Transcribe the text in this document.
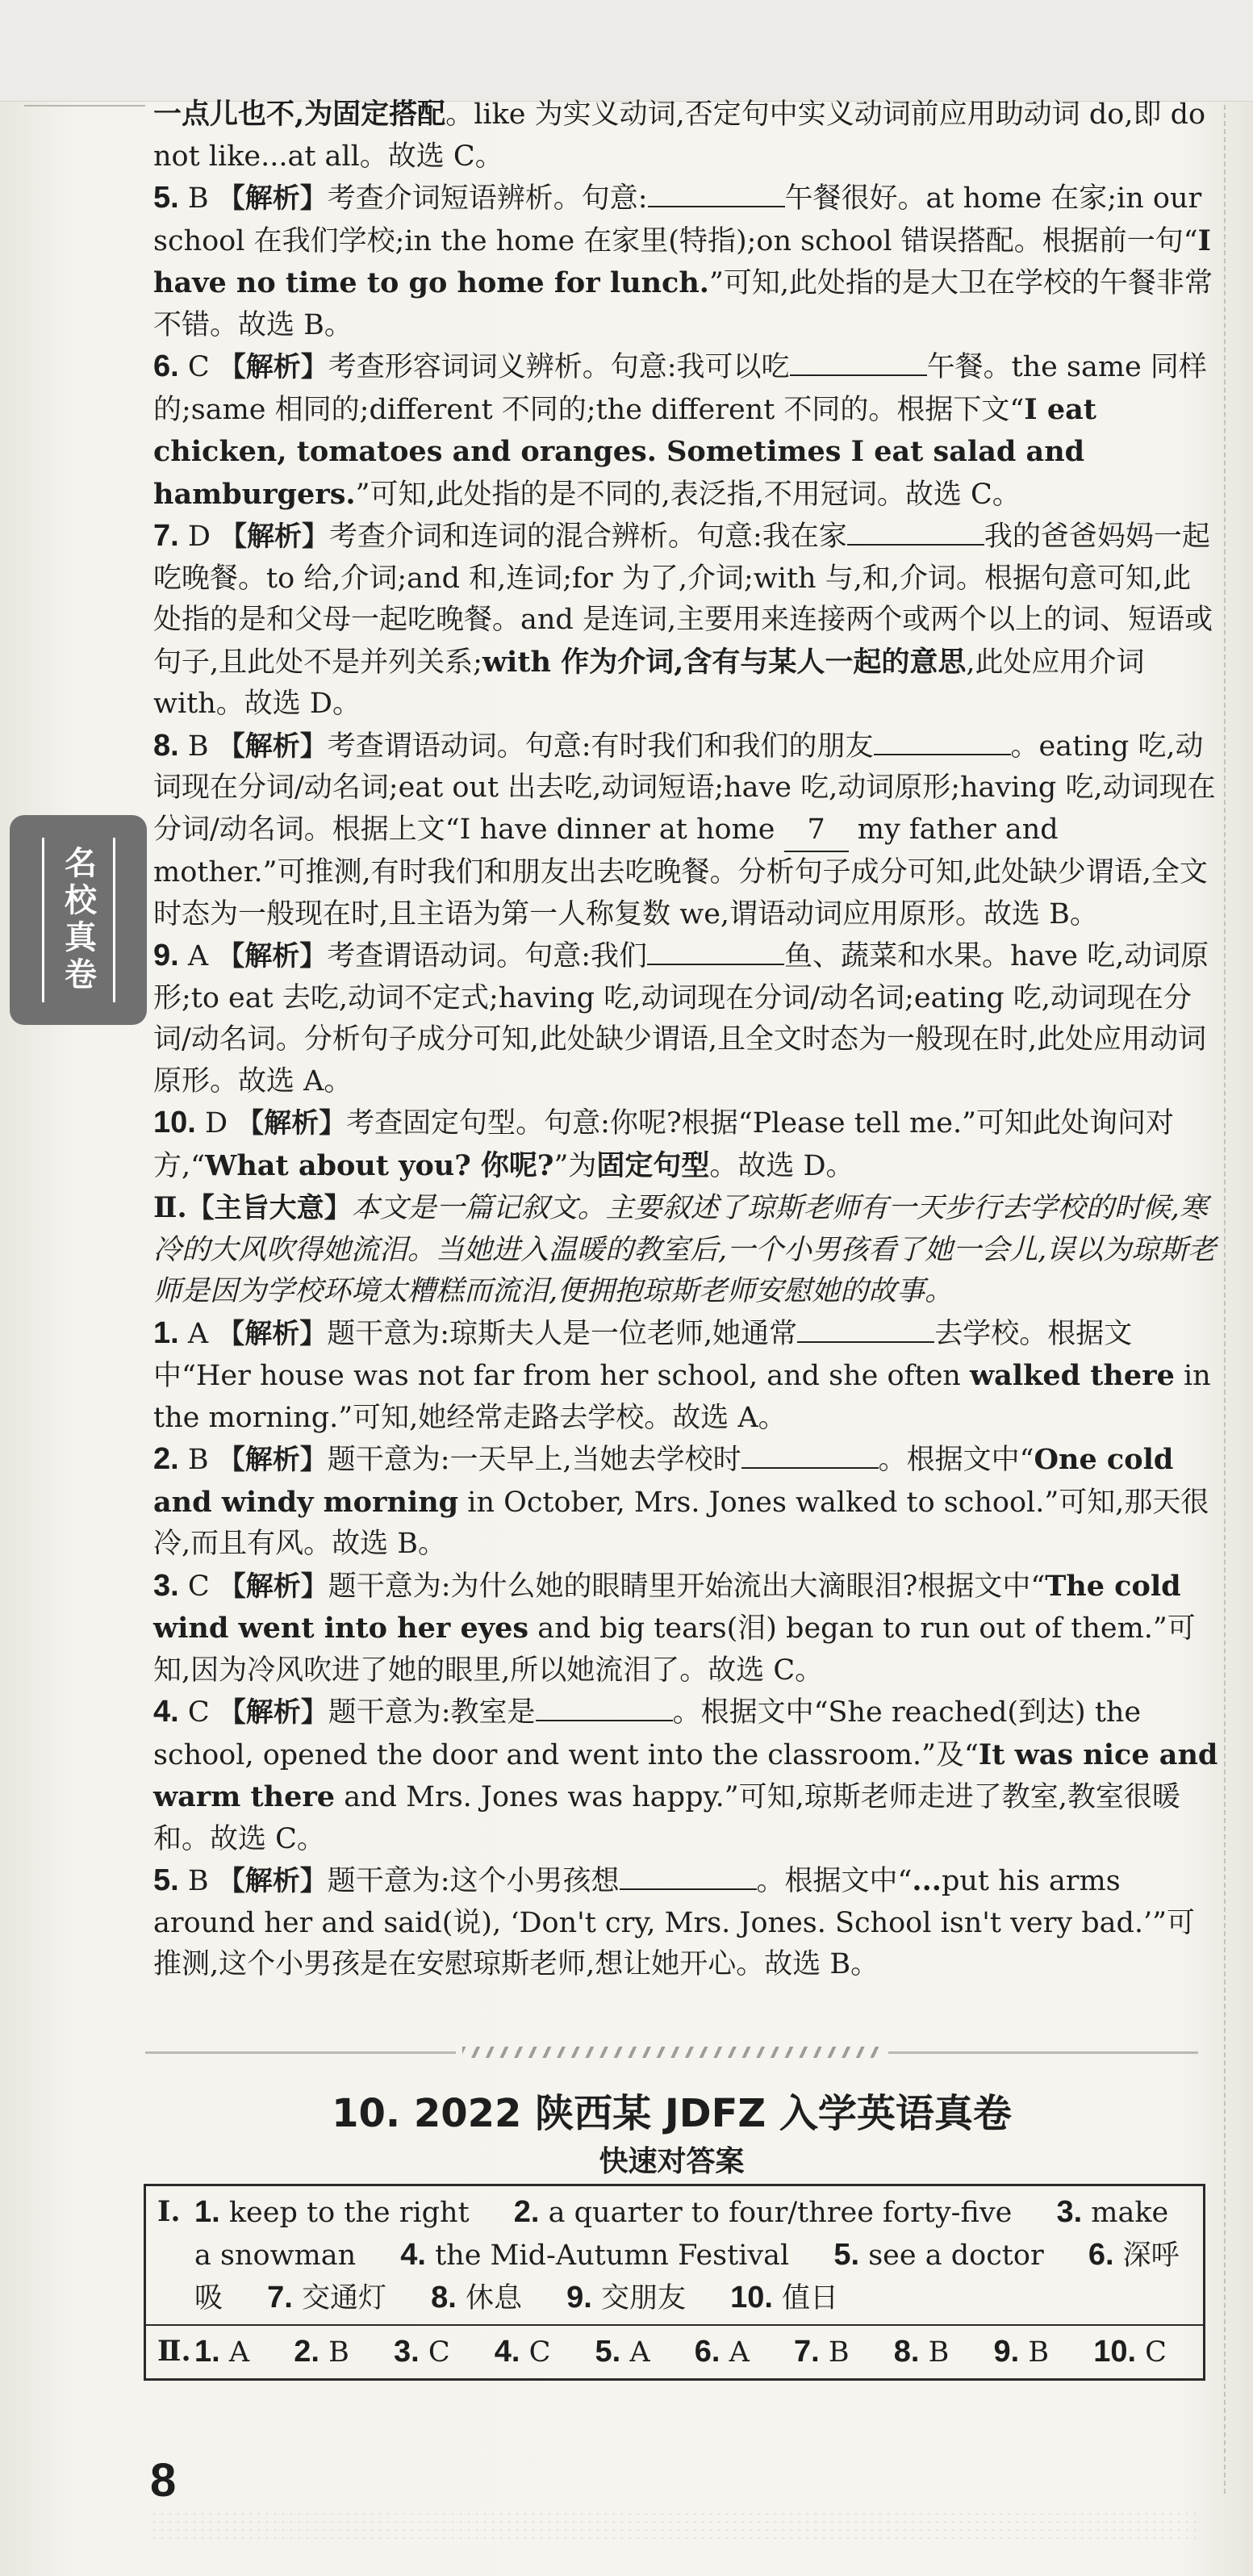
名校真卷

一点儿也不,为固定搭配。like 为实义动词,否定句中实义动词前应用助动词 do,即 do not like...at all。故选 C。

5. B 【解析】考查介词短语辨析。句意:	午餐很好。at home 在家;in our school 在我们学校;in the home 在家里(特指);on school 错误搭配。根据前一句“I have no time to go home for lunch.”可知,此处指的是大卫在学校的午餐非常不错。故选 B。

6. C 【解析】考查形容词词义辨析。句意:我可以吃	午餐。the same 同样的;same 相同的;different 不同的;the different 不同的。根据下文“I eat chicken, tomatoes and oranges. Sometimes I eat salad and hamburgers.”可知,此处指的是不同的,表泛指,不用冠词。故选 C。

7. D 【解析】考查介词和连词的混合辨析。句意:我在家	我的爸爸妈妈一起吃晚餐。to 给,介词;and 和,连词;for 为了,介词;with 与,和,介词。根据句意可知,此处指的是和父母一起吃晚餐。and 是连词,主要用来连接两个或两个以上的词、短语或句子,且此处不是并列关系;with 作为介词,含有与某人一起的意思,此处应用介词 with。故选 D。

8. B 【解析】考查谓语动词。句意:有时我们和我们的朋友	。eating 吃,动词现在分词/动名词;eat out 出去吃,动词短语;have 吃,动词原形;having 吃,动词现在分词/动名词。根据上文“I have dinner at home 7 my father and mother.”可推测,有时我们和朋友出去吃晚餐。分析句子成分可知,此处缺少谓语,全文时态为一般现在时,且主语为第一人称复数 we,谓语动词应用原形。故选 B。

9. A 【解析】考查谓语动词。句意:我们	鱼、蔬菜和水果。have 吃,动词原形;to eat 去吃,动词不定式;having 吃,动词现在分词/动名词;eating 吃,动词现在分词/动名词。分析句子成分可知,此处缺少谓语,且全文时态为一般现在时,此处应用动词原形。故选 A。

10. D 【解析】考查固定句型。句意:你呢?根据“Please tell me.”可知此处询问对方,“What about you? 你呢?”为固定句型。故选 D。

Ⅱ.【主旨大意】本文是一篇记叙文。主要叙述了琼斯老师有一天步行去学校的时候,寒冷的大风吹得她流泪。当她进入温暖的教室后,一个小男孩看了她一会儿,误以为琼斯老师是因为学校环境太糟糕而流泪,便拥抱琼斯老师安慰她的故事。

1. A 【解析】题干意为:琼斯夫人是一位老师,她通常	去学校。根据文中“Her house was not far from her school, and she often walked there in the morning.”可知,她经常走路去学校。故选 A。

2. B 【解析】题干意为:一天早上,当她去学校时	。根据文中“One cold and windy morning in October, Mrs. Jones walked to school.”可知,那天很冷,而且有风。故选 B。

3. C 【解析】题干意为:为什么她的眼睛里开始流出大滴眼泪?根据文中“The cold wind went into her eyes and big tears(泪) began to run out of them.”可知,因为冷风吹进了她的眼里,所以她流泪了。故选 C。

4. C 【解析】题干意为:教室是	。根据文中“She reached(到达) the school, opened the door and went into the classroom.”及“It was nice and warm there and Mrs. Jones was happy.”可知,琼斯老师走进了教室,教室很暖和。故选 C。

5. B 【解析】题干意为:这个小男孩想	。根据文中“...put his arms around her and said(说), ‘Don't cry, Mrs. Jones. School isn't very bad.’”可推测,这个小男孩是在安慰琼斯老师,想让她开心。故选 B。

10. 2022 陕西某 JDFZ 入学英语真卷
快速对答案
Ⅰ. 1. keep to the right 2. a quarter to four/three forty-five 3. make a snowman 4. the Mid-Autumn Festival 5. see a doctor 6. 深呼吸 7. 交通灯 8. 休息 9. 交朋友 10. 值日
Ⅱ. 1. A 2. B 3. C 4. C 5. A 6. A 7. B 8. B 9. B 10. C
8
